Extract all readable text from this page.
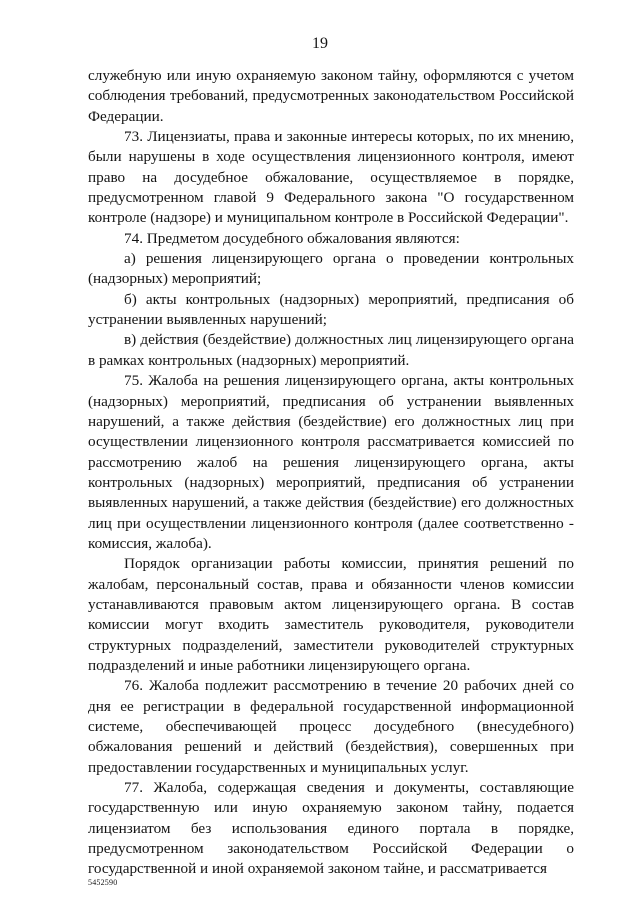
19

служебную или иную охраняемую законом тайну, оформляются с учетом соблюдения требований, предусмотренных законодательством Российской Федерации.

73. Лицензиаты, права и законные интересы которых, по их мнению, были нарушены в ходе осуществления лицензионного контроля, имеют право на досудебное обжалование, осуществляемое в порядке, предусмотренном главой 9 Федерального закона "О государственном контроле (надзоре) и муниципальном контроле в Российской Федерации".

74. Предметом досудебного обжалования являются:

а) решения лицензирующего органа о проведении контрольных (надзорных) мероприятий;

б) акты контрольных (надзорных) мероприятий, предписания об устранении выявленных нарушений;

в) действия (бездействие) должностных лиц лицензирующего органа в рамках контрольных (надзорных) мероприятий.

75. Жалоба на решения лицензирующего органа, акты контрольных (надзорных) мероприятий, предписания об устранении выявленных нарушений, а также действия (бездействие) его должностных лиц при осуществлении лицензионного контроля рассматривается комиссией по рассмотрению жалоб на решения лицензирующего органа, акты контрольных (надзорных) мероприятий, предписания об устранении выявленных нарушений, а также действия (бездействие) его должностных лиц при осуществлении лицензионного контроля (далее соответственно - комиссия, жалоба).

Порядок организации работы комиссии, принятия решений по жалобам, персональный состав, права и обязанности членов комиссии устанавливаются правовым актом лицензирующего органа. В состав комиссии могут входить заместитель руководителя, руководители структурных подразделений, заместители руководителей структурных подразделений и иные работники лицензирующего органа.

76. Жалоба подлежит рассмотрению в течение 20 рабочих дней со дня ее регистрации в федеральной государственной информационной системе, обеспечивающей процесс досудебного (внесудебного) обжалования решений и действий (бездействия), совершенных при предоставлении государственных и муниципальных услуг.

77. Жалоба, содержащая сведения и документы, составляющие государственную или иную охраняемую законом тайну, подается лицензиатом без использования единого портала в порядке, предусмотренном законодательством Российской Федерации о государственной и иной охраняемой законом тайне, и рассматривается

5452590
